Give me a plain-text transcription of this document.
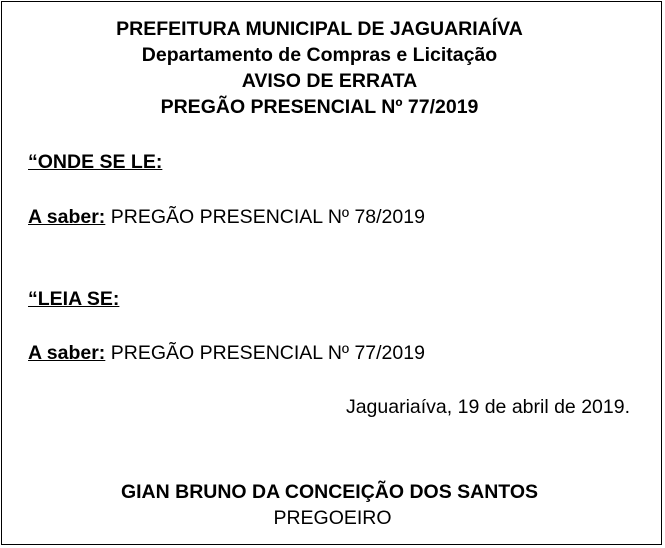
PREFEITURA MUNICIPAL DE JAGUARIAÍVA
Departamento de Compras e Licitação
AVISO DE ERRATA
PREGÃO PRESENCIAL Nº 77/2019
“ONDE SE LE:
A saber: PREGÃO PRESENCIAL Nº 78/2019
“LEIA SE:
A saber: PREGÃO PRESENCIAL Nº 77/2019
Jaguariaíva, 19 de abril de 2019.
GIAN BRUNO DA CONCEIÇÃO DOS SANTOS
PREGOEIRO
